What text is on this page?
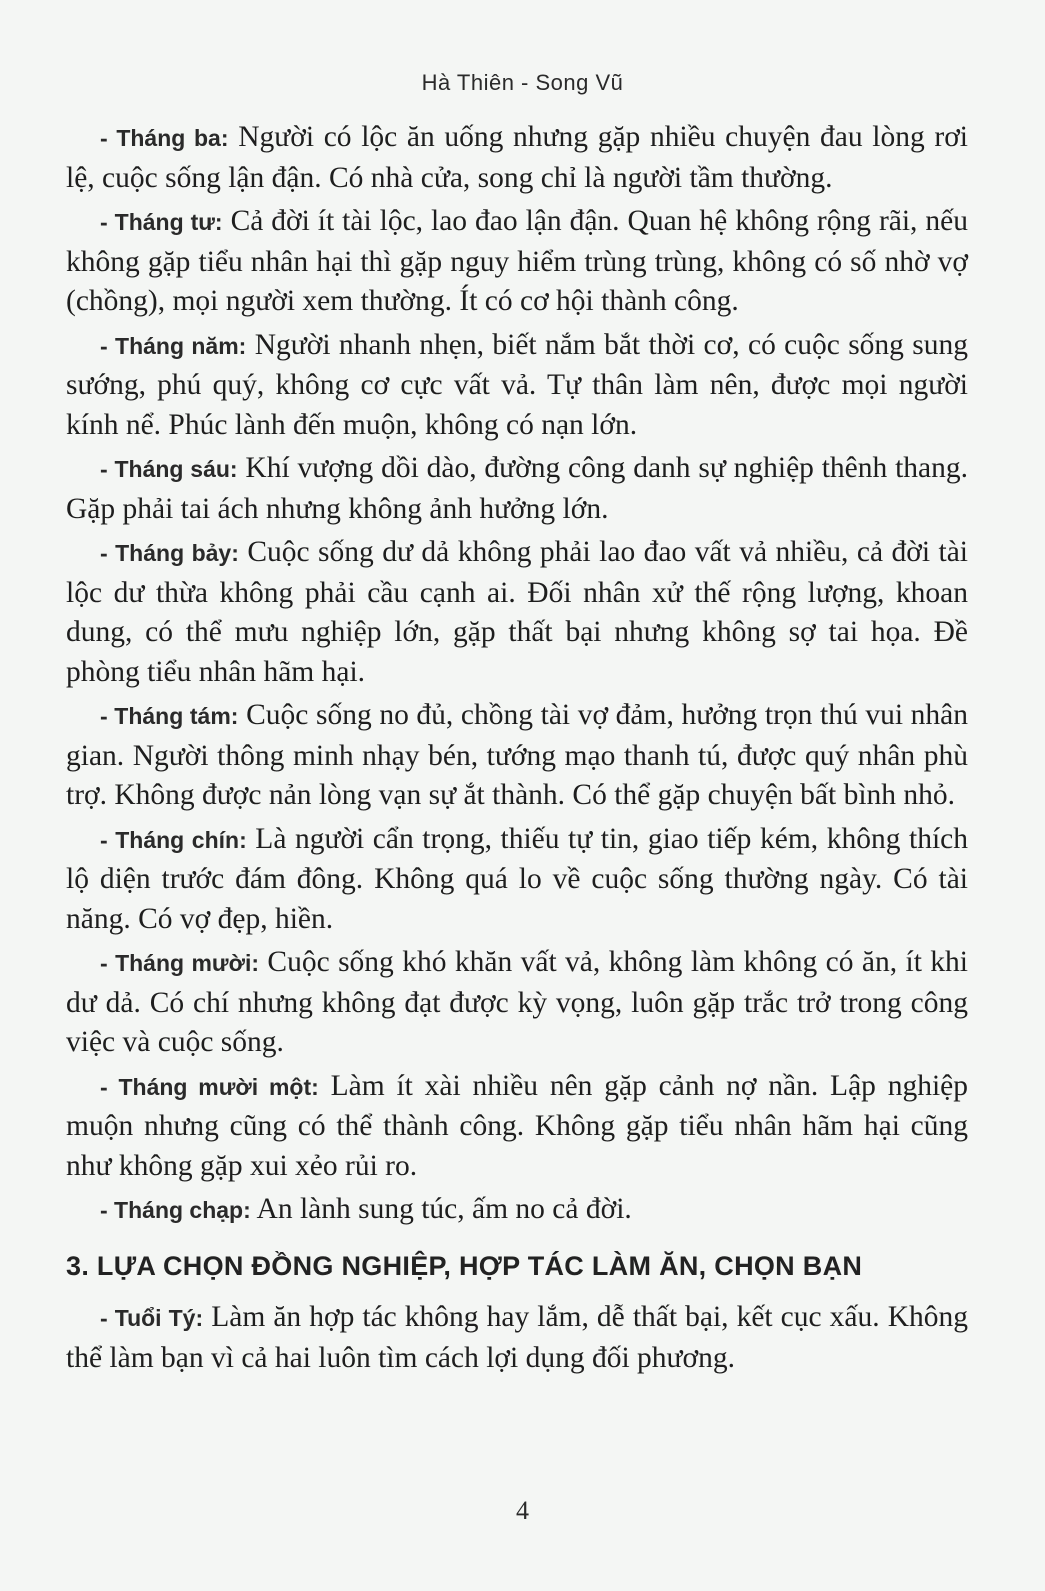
Hà Thiên - Song Vũ

- Tháng ba: Người có lộc ăn uống nhưng gặp nhiều chuyện đau lòng rơi lệ, cuộc sống lận đận. Có nhà cửa, song chỉ là người tầm thường.

- Tháng tư: Cả đời ít tài lộc, lao đao lận đận. Quan hệ không rộng rãi, nếu không gặp tiểu nhân hại thì gặp nguy hiểm trùng trùng, không có số nhờ vợ (chồng), mọi người xem thường. Ít có cơ hội thành công.

- Tháng năm: Người nhanh nhẹn, biết nắm bắt thời cơ, có cuộc sống sung sướng, phú quý, không cơ cực vất vả. Tự thân làm nên, được mọi người kính nể. Phúc lành đến muộn, không có nạn lớn.

- Tháng sáu: Khí vượng dồi dào, đường công danh sự nghiệp thênh thang. Gặp phải tai ách nhưng không ảnh hưởng lớn.

- Tháng bảy: Cuộc sống dư dả không phải lao đao vất vả nhiều, cả đời tài lộc dư thừa không phải cầu cạnh ai. Đối nhân xử thế rộng lượng, khoan dung, có thể mưu nghiệp lớn, gặp thất bại nhưng không sợ tai họa. Đề phòng tiểu nhân hãm hại.

- Tháng tám: Cuộc sống no đủ, chồng tài vợ đảm, hưởng trọn thú vui nhân gian. Người thông minh nhạy bén, tướng mạo thanh tú, được quý nhân phù trợ. Không được nản lòng vạn sự ắt thành. Có thể gặp chuyện bất bình nhỏ.

- Tháng chín: Là người cẩn trọng, thiếu tự tin, giao tiếp kém, không thích lộ diện trước đám đông. Không quá lo về cuộc sống thường ngày. Có tài năng. Có vợ đẹp, hiền.

- Tháng mười: Cuộc sống khó khăn vất vả, không làm không có ăn, ít khi dư dả. Có chí nhưng không đạt được kỳ vọng, luôn gặp trắc trở trong công việc và cuộc sống.

- Tháng mười một: Làm ít xài nhiều nên gặp cảnh nợ nần. Lập nghiệp muộn nhưng cũng có thể thành công. Không gặp tiểu nhân hãm hại cũng như không gặp xui xẻo rủi ro.

- Tháng chạp: An lành sung túc, ấm no cả đời.

3. LỰA CHỌN ĐỒNG NGHIỆP, HỢP TÁC LÀM ĂN, CHỌN BẠN

- Tuổi Tý: Làm ăn hợp tác không hay lắm, dễ thất bại, kết cục xấu. Không thể làm bạn vì cả hai luôn tìm cách lợi dụng đối phương.

4
